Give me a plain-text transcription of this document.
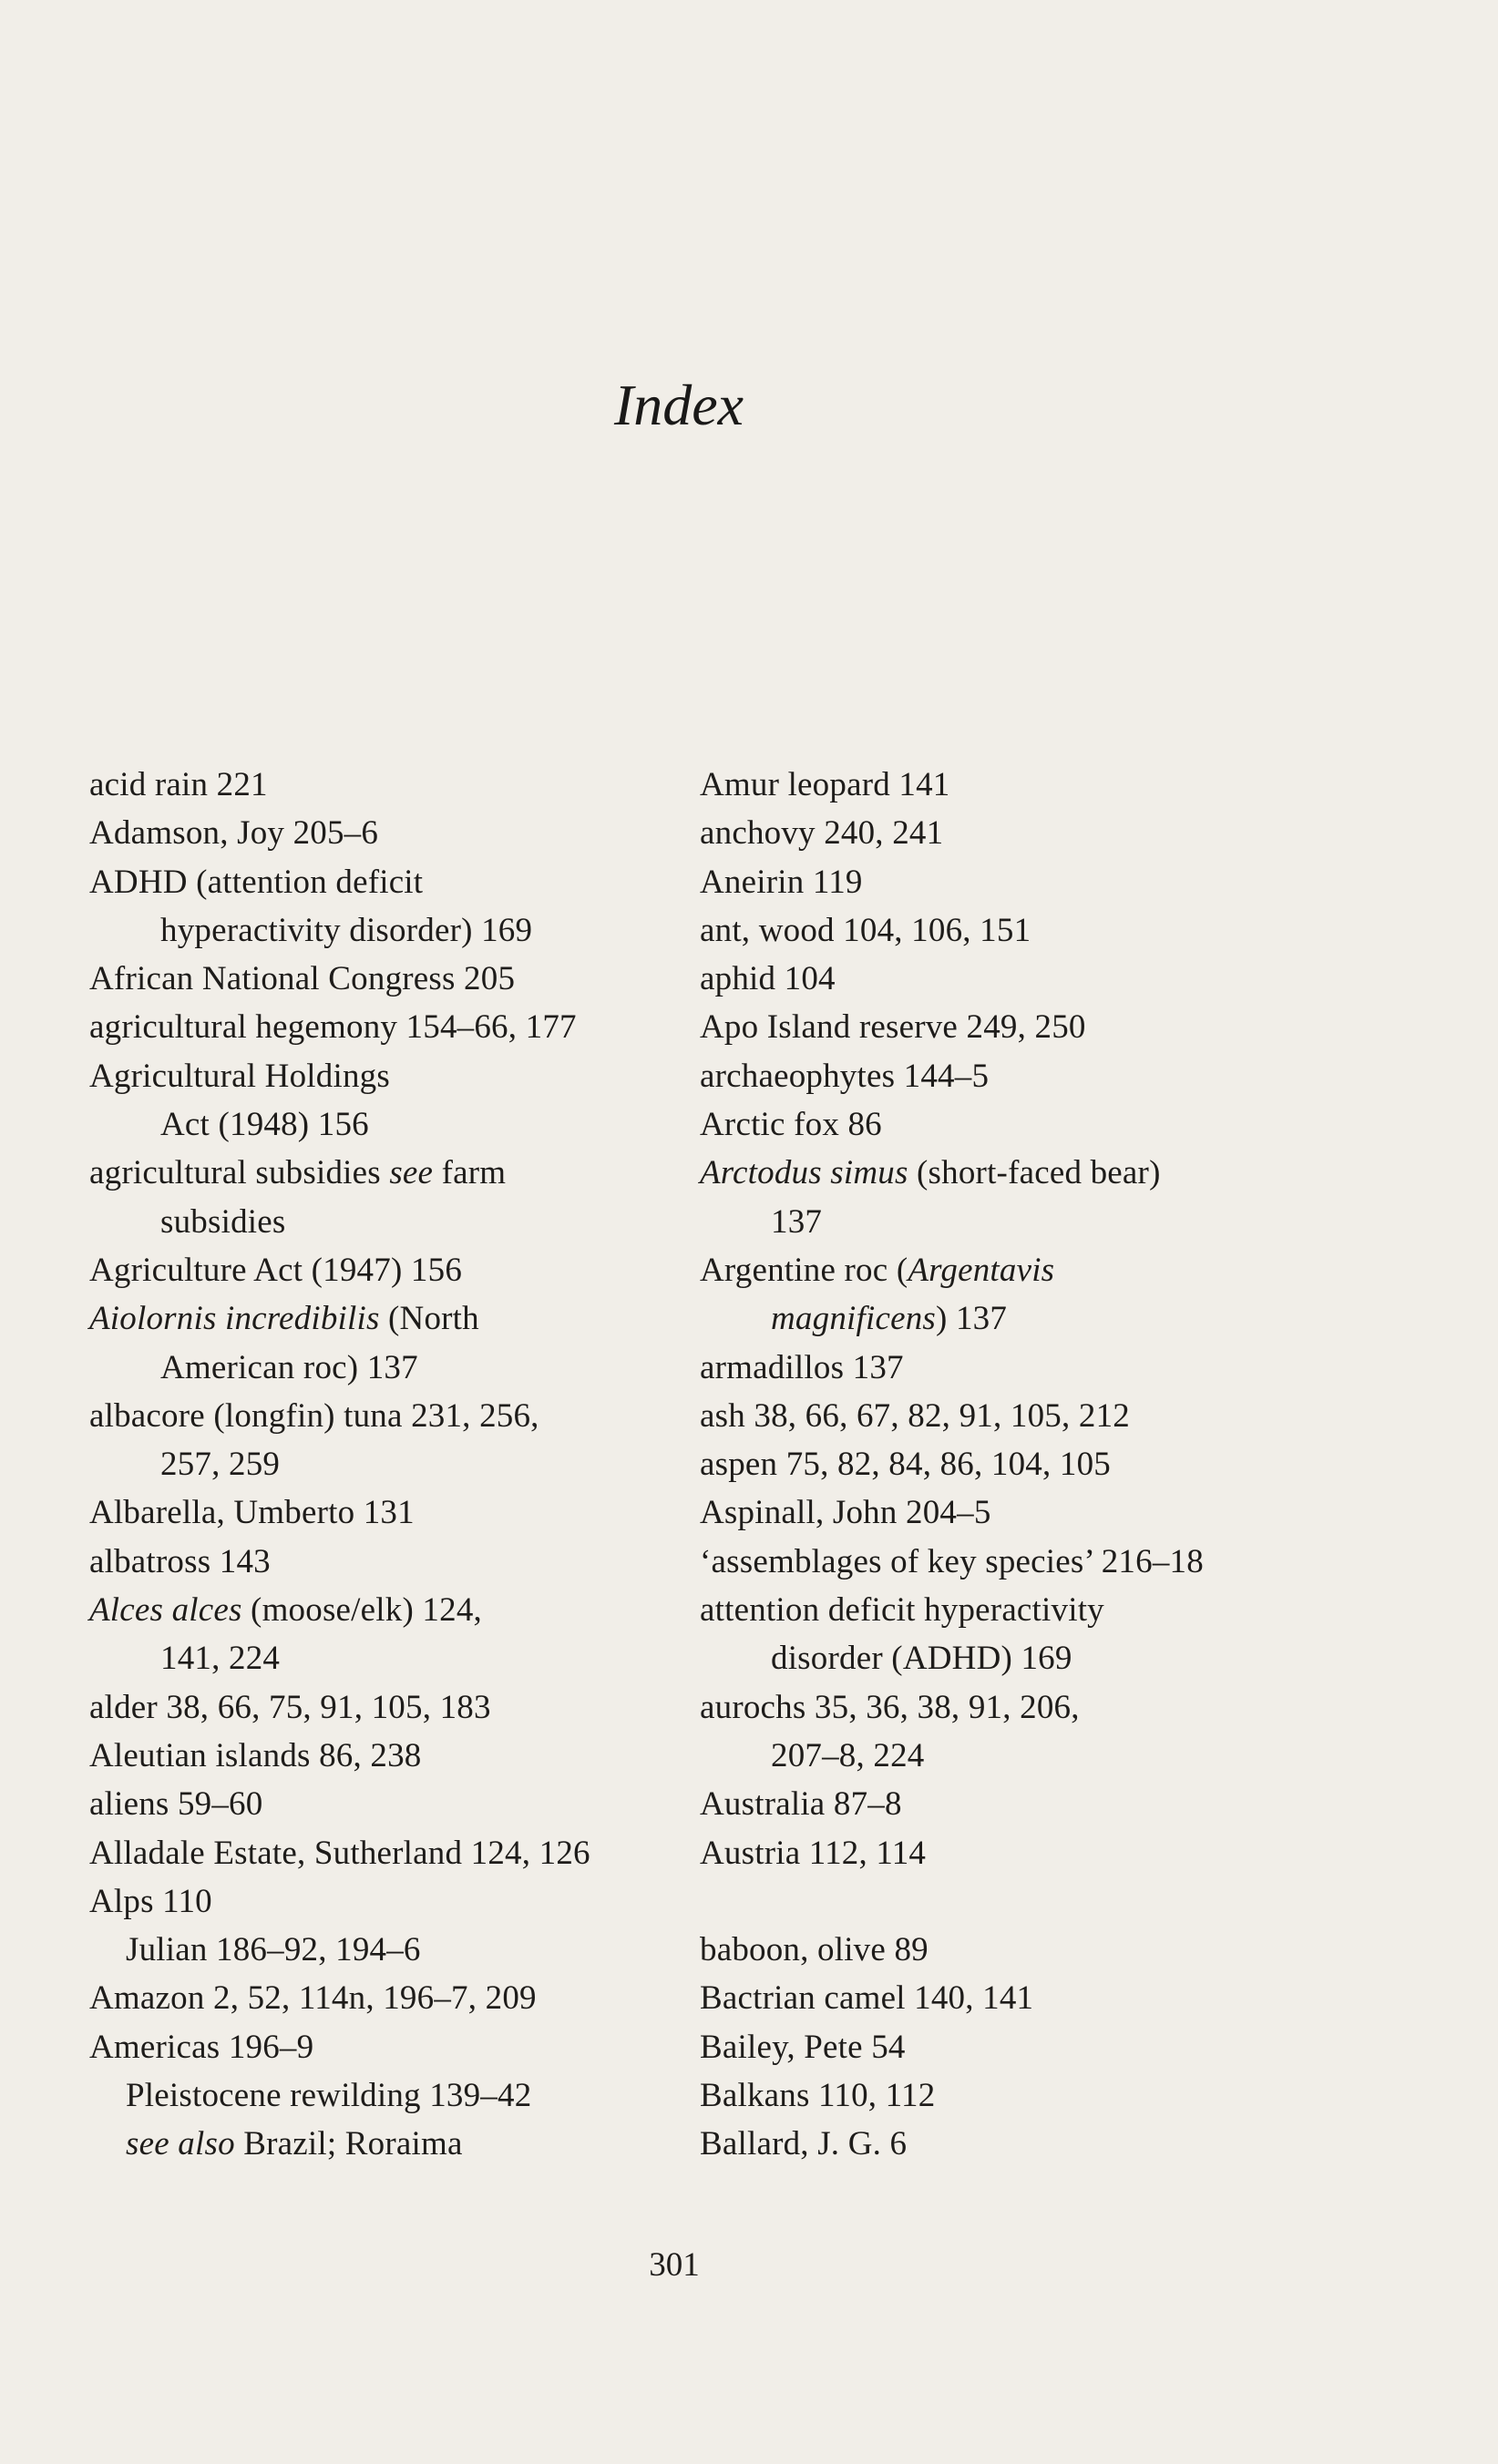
Index
acid rain 221
Adamson, Joy 205–6
ADHD (attention deficit
hyperactivity disorder) 169
African National Congress 205
agricultural hegemony 154–66, 177
Agricultural Holdings
Act (1948) 156
agricultural subsidies see farm
subsidies
Agriculture Act (1947) 156
Aiolornis incredibilis (North
American roc) 137
albacore (longfin) tuna 231, 256,
257, 259
Albarella, Umberto 131
albatross 143
Alces alces (moose/elk) 124,
141, 224
alder 38, 66, 75, 91, 105, 183
Aleutian islands 86, 238
aliens 59–60
Alladale Estate, Sutherland 124, 126
Alps 110
Julian 186–92, 194–6
Amazon 2, 52, 114n, 196–7, 209
Americas 196–9
Pleistocene rewilding 139–42
see also Brazil; Roraima
Amur leopard 141
anchovy 240, 241
Aneirin 119
ant, wood 104, 106, 151
aphid 104
Apo Island reserve 249, 250
archaeophytes 144–5
Arctic fox 86
Arctodus simus (short-faced bear)
137
Argentine roc (Argentavis
magnificens) 137
armadillos 137
ash 38, 66, 67, 82, 91, 105, 212
aspen 75, 82, 84, 86, 104, 105
Aspinall, John 204–5
‘assemblages of key species’ 216–18
attention deficit hyperactivity
disorder (ADHD) 169
aurochs 35, 36, 38, 91, 206,
207–8, 224
Australia 87–8
Austria 112, 114
baboon, olive 89
Bactrian camel 140, 141
Bailey, Pete 54
Balkans 110, 112
Ballard, J. G. 6
301
